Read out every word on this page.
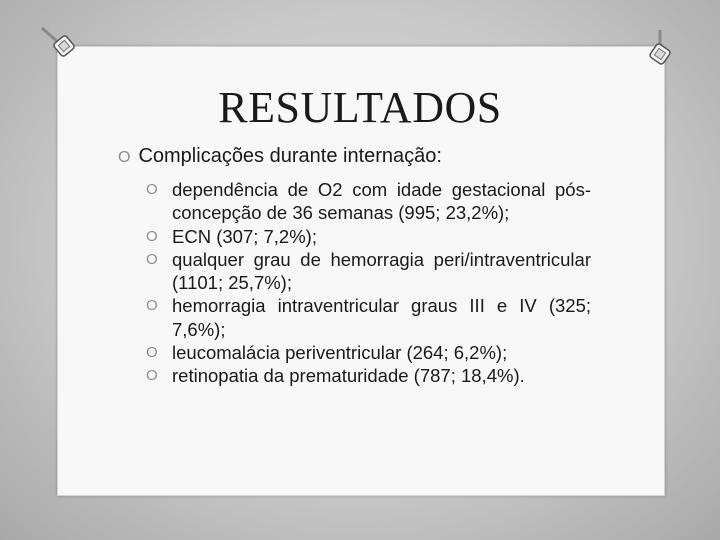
RESULTADOS
O Complicações durante internação:
O dependência de O2 com idade gestacional pós-concepção de 36 semanas (995; 23,2%);
O ECN (307; 7,2%);
O qualquer grau de hemorragia peri/intraventricular (1101; 25,7%);
O hemorragia intraventricular graus III e IV (325; 7,6%);
O leucomalácia periventricular (264; 6,2%);
O retinopatia da prematuridade (787; 18,4%).
